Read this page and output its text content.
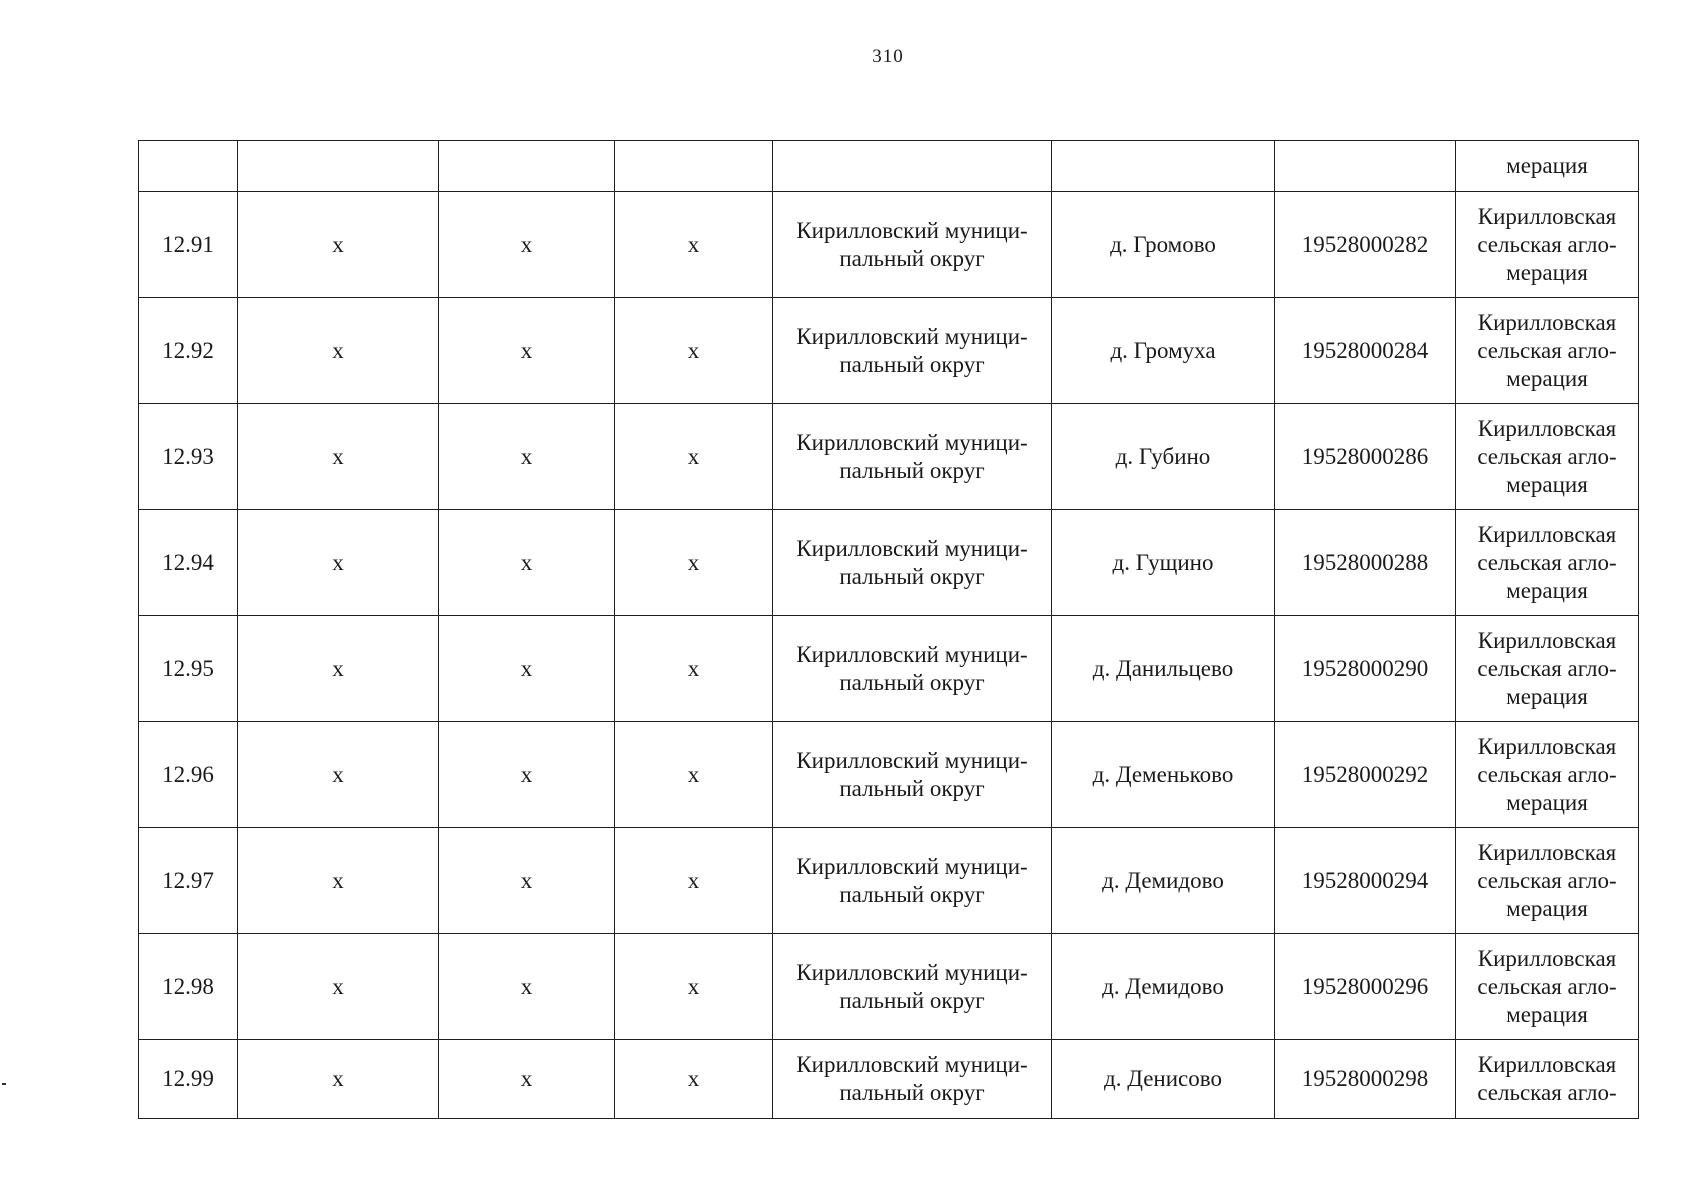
310
							мерация
12.91	х	х	х	Кирилловский муници-пальный округ	д. Громово	19528000282	Кирилловская сельская агло-мерация
12.92	х	х	х	Кирилловский муници-пальный округ	д. Громуха	19528000284	Кирилловская сельская агло-мерация
12.93	х	х	х	Кирилловский муници-пальный округ	д. Губино	19528000286	Кирилловская сельская агло-мерация
12.94	х	х	х	Кирилловский муници-пальный округ	д. Гущино	19528000288	Кирилловская сельская агло-мерация
12.95	х	х	х	Кирилловский муници-пальный округ	д. Данильцево	19528000290	Кирилловская сельская агло-мерация
12.96	х	х	х	Кирилловский муници-пальный округ	д. Деменьково	19528000292	Кирилловская сельская агло-мерация
12.97	х	х	х	Кирилловский муници-пальный округ	д. Демидово	19528000294	Кирилловская сельская агло-мерация
12.98	х	х	х	Кирилловский муници-пальный округ	д. Демидово	19528000296	Кирилловская сельская агло-мерация
12.99	х	х	х	Кирилловский муници-пальный округ	д. Денисово	19528000298	Кирилловская сельская агло-
